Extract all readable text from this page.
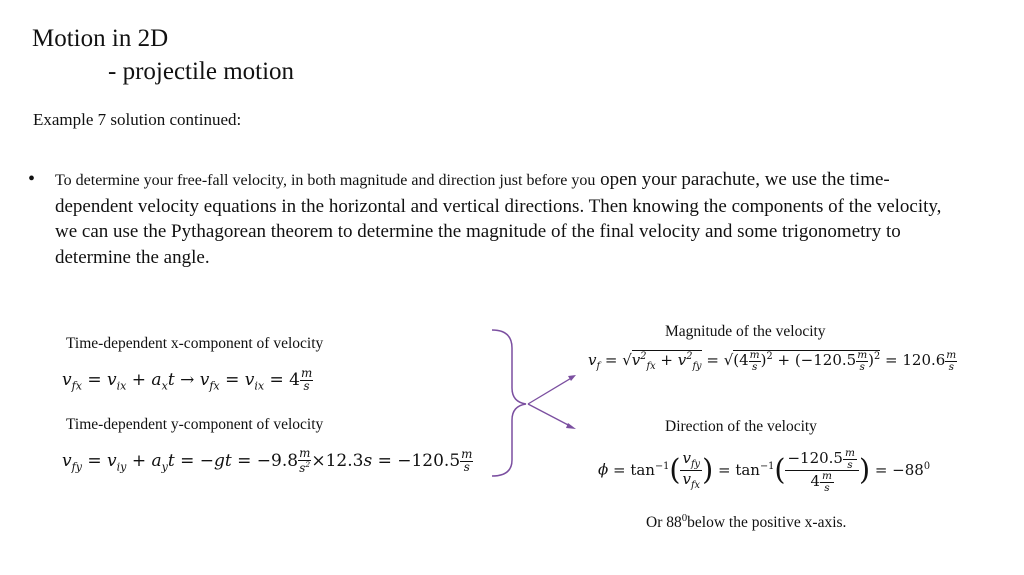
Motion in 2D
- projectile motion
Example 7 solution continued:
• To determine your free-fall velocity, in both magnitude and direction just before you open your parachute, we use the time-dependent velocity equations in the horizontal and vertical directions. Then knowing the components of the velocity, we can use the Pythagorean theorem to determine the magnitude of the final velocity and some trigonometry to determine the angle.
Time-dependent x-component of velocity
$v_{fx} = v_{ix} + a_xt \to v_{fx} = v_{ix} = 4 \frac{m}{s}$
Time-dependent y-component of velocity
$v_{fy} = v_{iy} + a_yt = -gt = -9.8 \frac{m}{s^2} \times 12.3s = -120.5 \frac{m}{s}$
Magnitude of the velocity
$v_f = √v^2_{fx} + v^2_{fy} = √(4 \frac{m}{s} )^2 + (-120.5 \frac{m}{s} )^2 = 120.6 \frac{m}{s}$
Direction of the velocity
$\phi = \tan^{-1}$( $v_{fy}$
$v_{fx}$ ) = $\tan^{-1}( \frac{-120.5 \frac{m}{s}}{4 \frac{m}{s}}$ ) = $-88^0$
Or $88^0below$ the positive x-axis.
